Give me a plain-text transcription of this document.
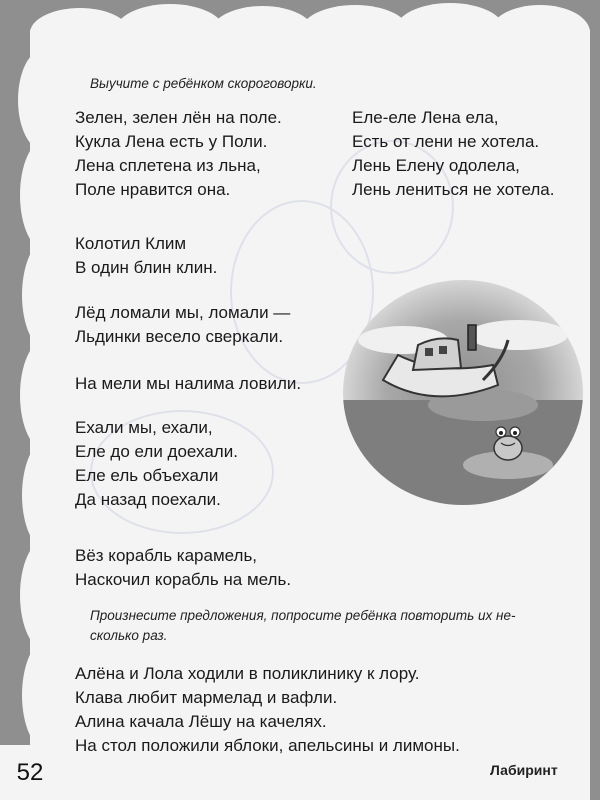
Выучите с ребёнком скороговорки.
Зелен, зелен лён на поле.
Кукла Лена есть у Поли.
Лена сплетена из льна,
Поле нравится она.
Колотил Клим
В один блин клин.
Лёд ломали мы, ломали —
Льдинки весело сверкали.
На мели мы налима ловили.
Ехали мы, ехали,
Еле до ели доехали.
Еле ель объехали
Да назад поехали.
Вёз корабль карамель,
Наскочил корабль на мель.
Еле-еле Лена ела,
Есть от лени не хотела.
Лень Елену одолела,
Лень лениться не хотела.
Произнесите предложения, попросите ребёнка повторить их не-
сколько раз.
Алёна и Лола ходили в поликлинику к лору.
Клава любит мармелад и вафли.
Алина качала Лёшу на качелях.
На стол положили яблоки, апельсины и лимоны.
52	Лабиринт
